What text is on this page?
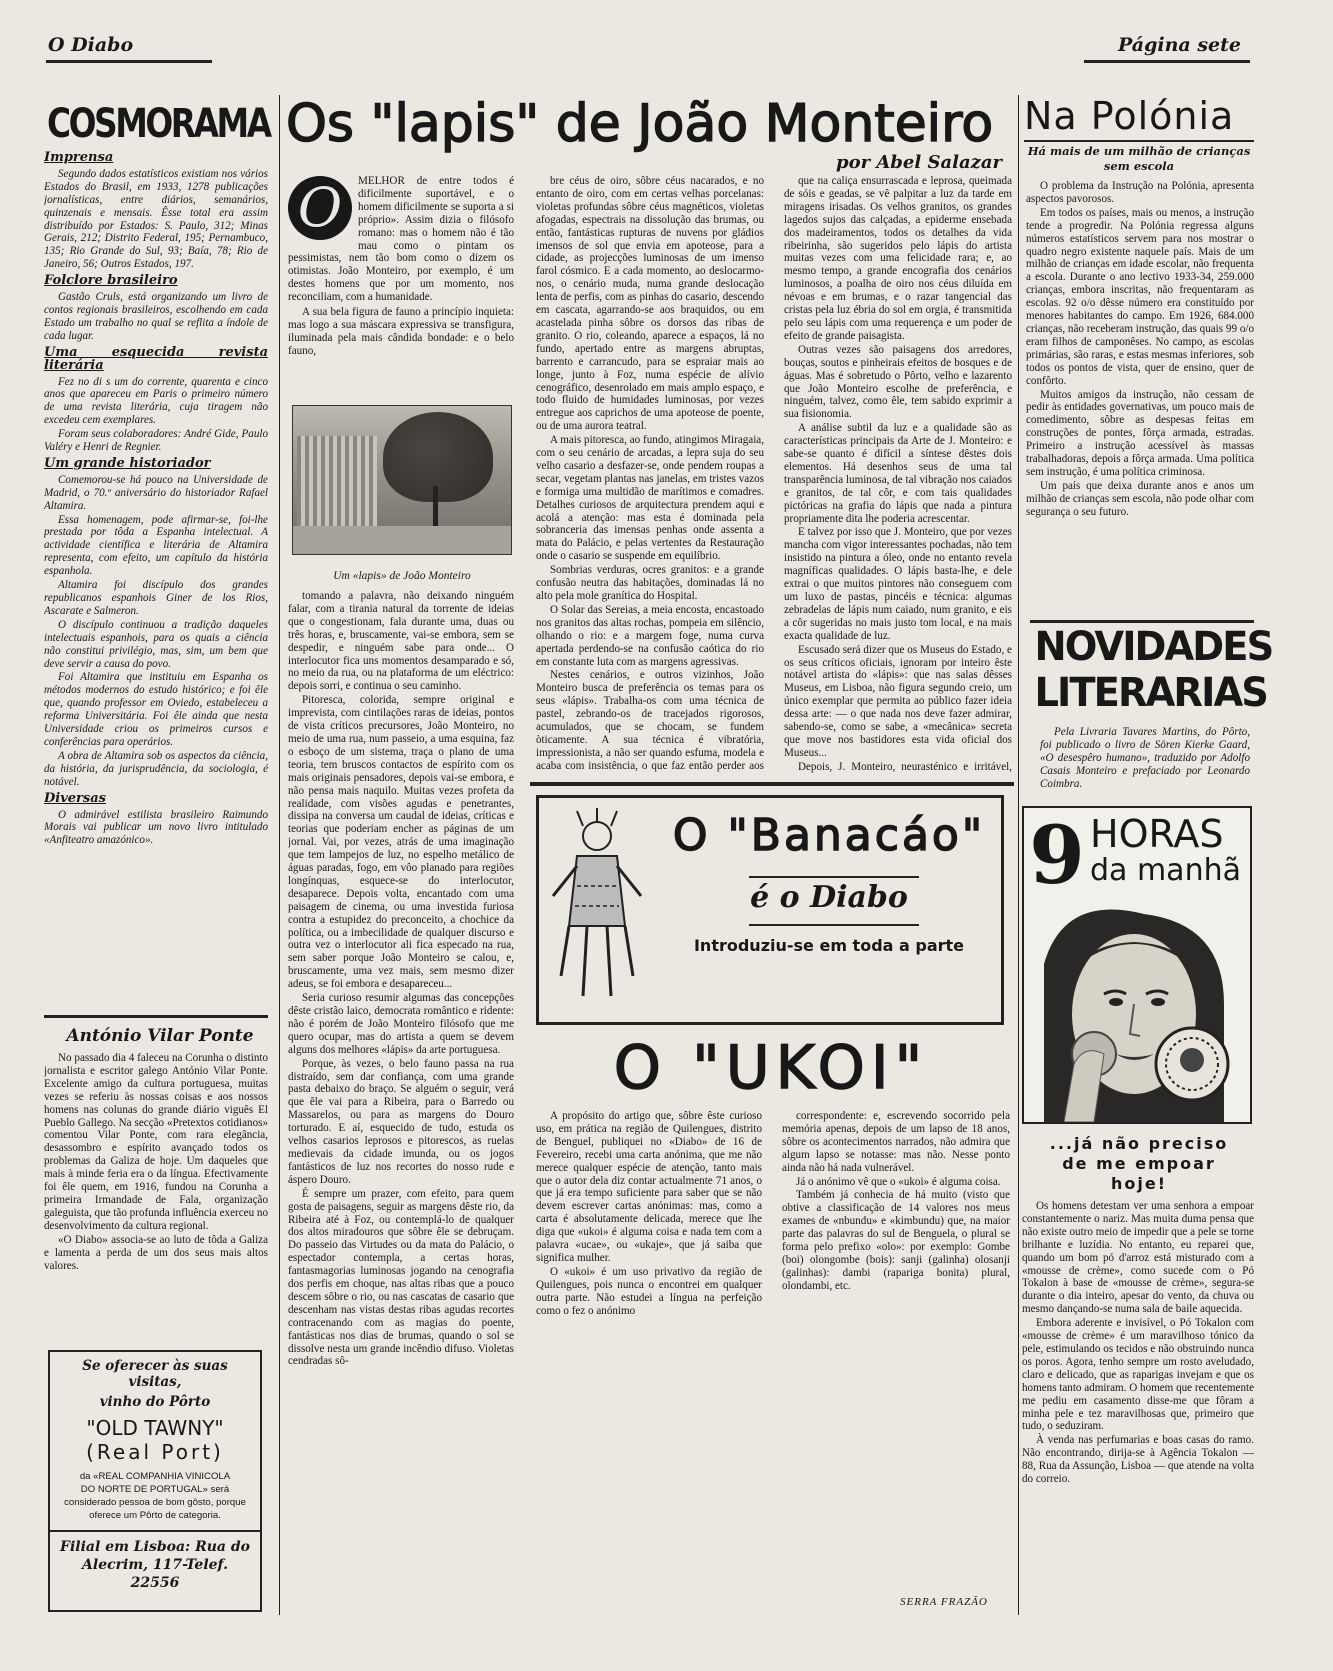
O Diabo	Página sete
COSMORAMA
Imprensa

Segundo dados estatísticos existiam nos vários Estados do Brasil, em 1933, 1278 publicações jornalísticas, entre diários, semanários, quinzenais e mensais. Êsse total era assim distribuído por Estados: S. Paulo, 312; Minas Gerais, 212; Distrito Federal, 195; Pernambuco, 135; Rio Grande do Sul, 93; Baía, 78; Rio de Janeiro, 56; Outros Estados, 197.

Folclore brasileiro

Gastão Cruls, está organizando um livro de contos regionais brasileiros, escolhendo em cada Estado um trabalho no qual se reflita a índole de cada lugar.

Uma esquecida revista literária

Fez no di s um do corrente, quarenta e cinco anos que apareceu em Paris o primeiro número de uma revista literária, cuja tiragem não excedeu cem exemplares.

Foram seus colaboradores: André Gide, Paulo Valéry e Henri de Regnier.

Um grande historiador

Comemorou-se há pouco na Universidade de Madrid, o 70.º aniversário do historiador Rafael Altamira.

Essa homenagem, pode afirmar-se, foi-lhe prestada por tôda a Espanha intelectual. A actividade científica e literária de Altamira representa, com efeito, um capítulo da história espanhola.

Altamira foi discípulo dos grandes republicanos espanhois Giner de los Rios, Ascarate e Salmeron.

O discípulo continuou a tradição daqueles intelectuais espanhois, para os quais a ciência não constitui privilégio, mas, sim, um bem que deve servir a causa do povo.

Foi Altamira que instituiu em Espanha os métodos modernos do estudo histórico; e foi êle que, quando professor em Oviedo, estabeleceu a reforma Universitária. Foi êle ainda que nesta Universidade criou os primeiros cursos e conferências para operários.

A obra de Altamira sob os aspectos da ciência, da história, da jurisprudência, da sociologia, é notável.

Diversas

O admirável estilista brasileiro Raimundo Morais vai publicar um novo livro intitulado «Anfiteatro amazónico».

António Vilar Ponte

No passado dia 4 faleceu na Corunha o distinto jornalista e escritor galego António Vilar Ponte. Excelente amigo da cultura portuguesa, muitas vezes se referiu às nossas coisas e aos nossos homens nas colunas do grande diário viguês El Pueblo Gallego. Na secção «Pretextos cotidianos» comentou Vilar Ponte, com rara elegância, desassombro e espírito avançado todos os problemas da Galiza de hoje. Um daqueles que mais à minde feria era o da língua. Efectivamente foi êle quem, em 1916, fundou na Corunha a primeira Irmandade de Fala, organização galeguista, que tão profunda influência exerceu no desenvolvimento da cultura regional.

«O Diabo» associa-se ao luto de tôda a Galiza e lamenta a perda de um dos seus mais altos valores.

Se oferecer às suas visitas,
vinho do Pôrto
"OLD TAWNY"
(Real Port)
da «REAL COMPANHIA VINICOLA
DO NORTE DE PORTUGAL» será
considerado pessoa de bom gôsto, porque
oferece um Pôrto de categoria.
Filial em Lisboa: Rua do
Alecrim, 117-Telef. 22556
Os "lapis" de João Monteiro
por Abel Salazar
O	MELHOR de entre todos é dificilmente suportável, e o homem dificilmente se suporta a si próprio». Assim dizia o filósofo romano: mas o homem não é tão mau como o pintam os pessimistas, nem tão bom como o dizem os otimistas. João Monteiro, por exemplo, é um destes homens que por um momento, nos reconciliam, com a humanidade.

A sua bela figura de fauno a princípio inquieta: mas logo a sua máscara expressiva se transfigura, iluminada pela mais cândida bondade: e o belo fauno,

Um «lapis» de João Monteiro

tomando a palavra, não deixando ninguém falar, com a tirania natural da torrente de ideias que o congestionam, fala durante uma, duas ou três horas, e, bruscamente, vai-se embora, sem se despedir, e ninguém sabe para onde... O interlocutor fica uns momentos desamparado e só, no meio da rua, ou na plataforma de um eléctrico: depois sorri, e continua o seu caminho.

Pitoresca, colorida, sempre original e imprevista, com cintilações raras de ideias, pontos de vista críticos precursores, João Monteiro, no meio de uma rua, num passeio, a uma esquina, faz o esboço de um sistema, traça o plano de uma teoria, tem bruscos contactos de espírito com os mais originais pensadores, depois vai-se embora, e não pensa mais naquilo. Muitas vezes profeta da realidade, com visões agudas e penetrantes, dissipa na conversa um caudal de ideias, críticas e teorias que poderiam encher as páginas de um jornal. Vai, por vezes, atrás de uma imaginação que tem lampejos de luz, no espelho metálico de águas paradas, fogo, em vôo planado para regiões longínquas, esquece-se do interlocutor, desaparece. Depois volta, encantado com uma paisagem de cinema, ou uma investida furiosa contra a estupidez do preconceito, a chochice da política, ou a imbecilidade de qualquer discurso e outra vez o interlocutor ali fica especado na rua, sem saber porque João Monteiro se calou, e, bruscamente, uma vez mais, sem mesmo dizer adeus, se foi embora e desapareceu...

Seria curioso resumir algumas das concepções dêste cristão laico, democrata romântico e ridente: não é porém de João Monteiro filósofo que me quero ocupar, mas do artista a quem se devem alguns dos melhores «lápis» da arte portuguesa.

Porque, às vezes, o belo fauno passa na rua distraído, sem dar confiança, com uma grande pasta debaixo do braço. Se alguém o seguir, verá que êle vai para a Ribeira, para o Barredo ou Massarelos, ou para as margens do Douro torturado. E aí, esquecido de tudo, estuda os velhos casarios leprosos e pitorescos, as ruelas medievais da cidade imunda, ou os jogos fantásticos de luz nos recortes do nosso rude e áspero Douro.

É sempre um prazer, com efeito, para quem gosta de paisagens, seguir as margens dêste rio, da Ribeira até à Foz, ou contemplá-lo de qualquer dos altos miradouros que sôbre êle se debruçam. Do passeio das Virtudes ou da mata do Palácio, o espectador contempla, a certas horas, fantasmagorias luminosas jogando na cenografia dos perfis em choque, nas altas ribas que a pouco descem sôbre o rio, ou nas cascatas de casario que descenham nas vistas destas ribas agudas recortes contracenando com as magias do poente, fantásticas nos dias de brumas, quando o sol se dissolve nesta um grande incêndio difuso. Violetas cendradas sô-

bre céus de oiro, sôbre céus nacarados, e no entanto de oiro, com em certas velhas porcelanas: violetas profundas sôbre céus magnéticos, violetas afogadas, espectrais na dissolução das brumas, ou então, fantásticas rupturas de nuvens por gládios imensos de sol que envia em apoteose, para a cidade, as projecções luminosas de um imenso farol cósmico. E a cada momento, ao deslocarmo-nos, o cenário muda, numa grande deslocação lenta de perfis, com as pinhas do casario, descendo em cascata, agarrando-se aos braquidos, ou em acastelada pinha sôbre os dorsos das ribas de granito. O rio, coleando, aparece a espaços, lá no fundo, apertado entre as margens abruptas, barrento e carrancudo, para se espraiar mais ao longe, junto à Foz, numa espécie de alívio cenográfico, desenrolado em mais amplo espaço, e todo fluido de humidades luminosas, por vezes entregue aos caprichos de uma apoteose de poente, ou de uma aurora teatral.

A mais pitoresca, ao fundo, atingimos Miragaia, com o seu cenário de arcadas, a lepra suja do seu velho casario a desfazer-se, onde pendem roupas a secar, vegetam plantas nas janelas, em tristes vazos e formiga uma multidão de marítimos e comadres. Detalhes curiosos de arquitectura prendem aqui e acolá a atenção: mas esta é dominada pela sobranceria das imensas penhas onde assenta a mata do Palácio, e pelas vertentes da Restauração onde o casario se suspende em equilíbrio.

Sombrias verduras, ocres granitos: e a grande confusão neutra das habitações, dominadas lá no alto pela mole granítica do Hospital.

O Solar das Sereias, a meia encosta, encastoado nos granitos das altas rochas, pompeia em silêncio, olhando o rio: e a margem foge, numa curva apertada perdendo-se na confusão caótica do rio em constante luta com as margens agressivas.

Nestes cenários, e outros vizinhos, João Monteiro busca de preferência os temas para os seus «lápis». Trabalha-os com uma técnica de pastel, zebrando-os de tracejados rigorosos, acumulados, que se chocam, se fundem òticamente. A sua técnica é vibratória, impressionista, a não ser quando esfuma, modela e acaba com insistência, o que faz então perder aos

que na caliça ensurrascada e leprosa, queimada de sóis e geadas, se vê palpitar a luz da tarde em miragens irisadas. Os velhos granitos, os grandes lagedos sujos das calçadas, a epiderme ensebada dos madeiramentos, todos os detalhes da vida ribeirinha, são sugeridos pelo lápis do artista muitas vezes com uma felicidade rara; e, ao mesmo tempo, a grande encografia dos cenários luminosos, a poalha de oiro nos céus diluída em névoas e em brumas, e o razar tangencial das cristas pela luz ébria do sol em orgia, é transmitida pelo seu lápis com uma requerença e um poder de efeito de grande paisagista.

Outras vezes são paisagens dos arredores, bouças, soutos e pinheirais efeitos de bosques e de águas. Mas é sobretudo o Pôrto, velho e lazarento que João Monteiro escolhe de preferência, e ninguém, talvez, como êle, tem sabido exprimir a sua fisionomia.

A análise subtil da luz e a qualidade são as características principais da Arte de J. Monteiro: e sabe-se quanto é difícil a síntese dêstes dois elementos. Há desenhos seus de uma tal transparência luminosa, de tal vibração nos caiados e granitos, de tal côr, e com tais qualidades pictóricas na grafia do lápis que nada a pintura propriamente dita lhe poderia acrescentar.

E talvez por isso que J. Monteiro, que por vezes mancha com vigor interessantes pochadas, não tem insistido na pintura a óleo, onde no entanto revela magníficas qualidades. O lápis basta-lhe, e dele extrai o que muitos pintores não conseguem com um luxo de pastas, pincéis e técnica: algumas zebradelas de lápis num caiado, num granito, e eis a côr sugeridas no mais justo tom local, e na mais exacta qualidade de luz.

Escusado será dizer que os Museus do Estado, e os seus críticos oficiais, ignoram por inteiro êste notável artista do «lápis»: que nas salas dêsses Museus, em Lisboa, não figura segundo creio, um único exemplar que permita ao público fazer ideia dessa arte: — o que nada nos deve fazer admirar, sabendo-se, como se sabe, a «mecânica» secreta que move nos bastidores esta vida oficial dos Museus...

Depois, J. Monteiro, neurasténico e irritável,

O "Banacáo"
é o Diabo
Introduziu-se em toda a parte
O "UKOI"

A propósito do artigo que, sôbre êste curioso uso, em prática na região de Quilengues, distrito de Benguel, publiquei no «Diabo» de 16 de Fevereiro, recebi uma carta anónima, que me não merece qualquer espécie de atenção, tanto mais que o autor dela diz contar actualmente 71 anos, o que já era tempo suficiente para saber que se não devem escrever cartas anónimas: mas, como a carta é absolutamente delicada, merece que lhe diga que «ukoi» é alguma coisa e nada tem com a palavra «ucae», ou «ukaje», que já saiba que significa mulher.

O «ukoi» é um uso privativo da região de Quilengues, pois nunca o encontrei em qualquer outra parte. Não estudei a língua na perfeição como o fez o anónimo

correspondente: e, escrevendo socorrido pela memória apenas, depois de um lapso de 18 anos, sôbre os acontecimentos narrados, não admira que algum lapso se notasse: mas não. Nesse ponto ainda não há nada vulnerável.

Já o anónimo vê que o «ukoi» é alguma coisa.

Também já conhecia de há muito (visto que obtive a classificação de 14 valores nos meus exames de «nbundu» e «kimbundu) que, na maior parte das palavras do sul de Benguela, o plural se forma pelo prefixo «olo»: por exemplo: Gombe (boi) olongombe (bois): sanji (galinha) olosanji (galinhas): dambi (rapariga bonita) plural, olondambi, etc.

SERRA FRAZÃO
Na Polónia
Há mais de um milhão de crianças
sem escola

O problema da Instrução na Polónia, apresenta aspectos pavorosos.

Em todos os países, mais ou menos, a instrução tende a progredir. Na Polónia regressa alguns números estatísticos servem para nos mostrar o quadro negro existente naquele país. Mais de um milhão de crianças em idade escolar, não frequenta a escola. Durante o ano lectivo 1933-34, 259.000 crianças, embora inscritas, não frequentaram as escolas. 92 o/o dêsse número era constituído por menores habitantes do campo. Em 1926, 684.000 crianças, não receberam instrução, das quais 99 o/o eram filhos de camponêses. No campo, as escolas primárias, são raras, e estas mesmas inferiores, sob todos os pontos de vista, quer de ensino, quer de confôrto.

Muitos amigos da instrução, não cessam de pedir às entidades governativas, um pouco mais de comedimento, sôbre as despesas feitas em construções de pontes, fôrça armada, estradas. Primeiro a instrução acessível às massas trabalhadoras, depois a fôrça armada. Uma política sem instrução, é uma política criminosa.

Um país que deixa durante anos e anos um milhão de crianças sem escola, não pode olhar com segurança o seu futuro.

NOVIDADES
LITERARIAS

Pela Livraria Tavares Martins, do Pôrto, foi publicado o livro de Sören Kierke Gaard, «O desespêro humano», traduzido por Adolfo Casais Monteiro e prefaciado por Leonardo Coimbra.

9 HORAS
da manhã
...já não preciso
de me empoar
hoje!

Os homens detestam ver uma senhora a empoar constantemente o nariz. Mas muita duma pensa que não existe outro meio de impedir que a pele se torne brilhante e luzídia. No entanto, eu reparei que, quando um bom pó d'arroz está misturado com a «mousse de crème», como sucede com o Pó Tokalon à base de «mousse de crème», segura-se durante o dia inteiro, apesar do vento, da chuva ou mesmo dançando-se numa sala de baile aquecida.

Embora aderente e invisível, o Pó Tokalon com «mousse de crème» é um maravilhoso tónico da pele, estimulando os tecidos e não obstruindo nunca os poros. Agora, tenho sempre um rosto aveludado, claro e delicado, que as raparigas invejam e que os homens tanto admiram. O homem que recentemente me pediu em casamento disse-me que fôram a minha pele e tez maravilhosas que, primeiro que tudo, o seduziram.

À venda nas perfumarias e boas casas do ramo. Não encontrando, dirija-se à Agência Tokalon — 88, Rua da Assunção, Lisboa — que atende na volta do correio.
